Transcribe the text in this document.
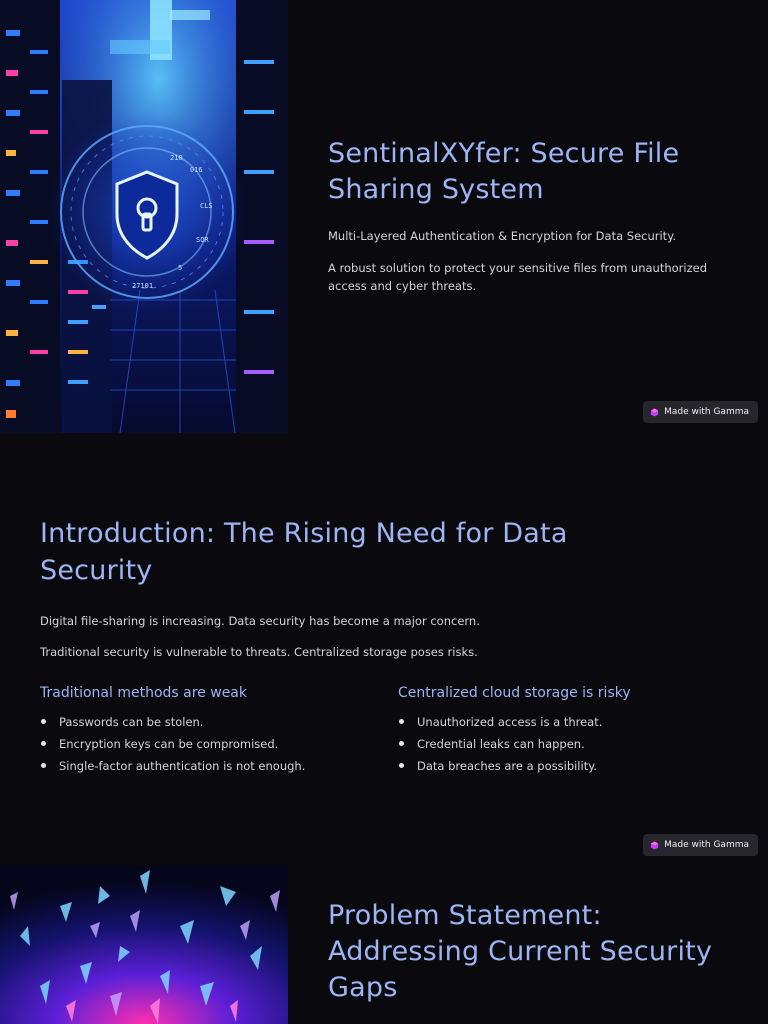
210
016
CLS
SOR
5
27101
SentinalXYfer: Secure File Sharing System

Multi-Layered Authentication & Encryption for Data Security.

A robust solution to protect your sensitive files from unauthorized access and cyber threats.

Made with Gamma
Introduction: The Rising Need for Data Security

Digital file-sharing is increasing. Data security has become a major concern.

Traditional security is vulnerable to threats. Centralized storage poses risks.

Traditional methods are weak
Passwords can be stolen.
Encryption keys can be compromised.
Single-factor authentication is not enough.
Centralized cloud storage is risky
Unauthorized access is a threat.
Credential leaks can happen.
Data breaches are a possibility.
Made with Gamma
Problem Statement: Addressing Current Security Gaps
